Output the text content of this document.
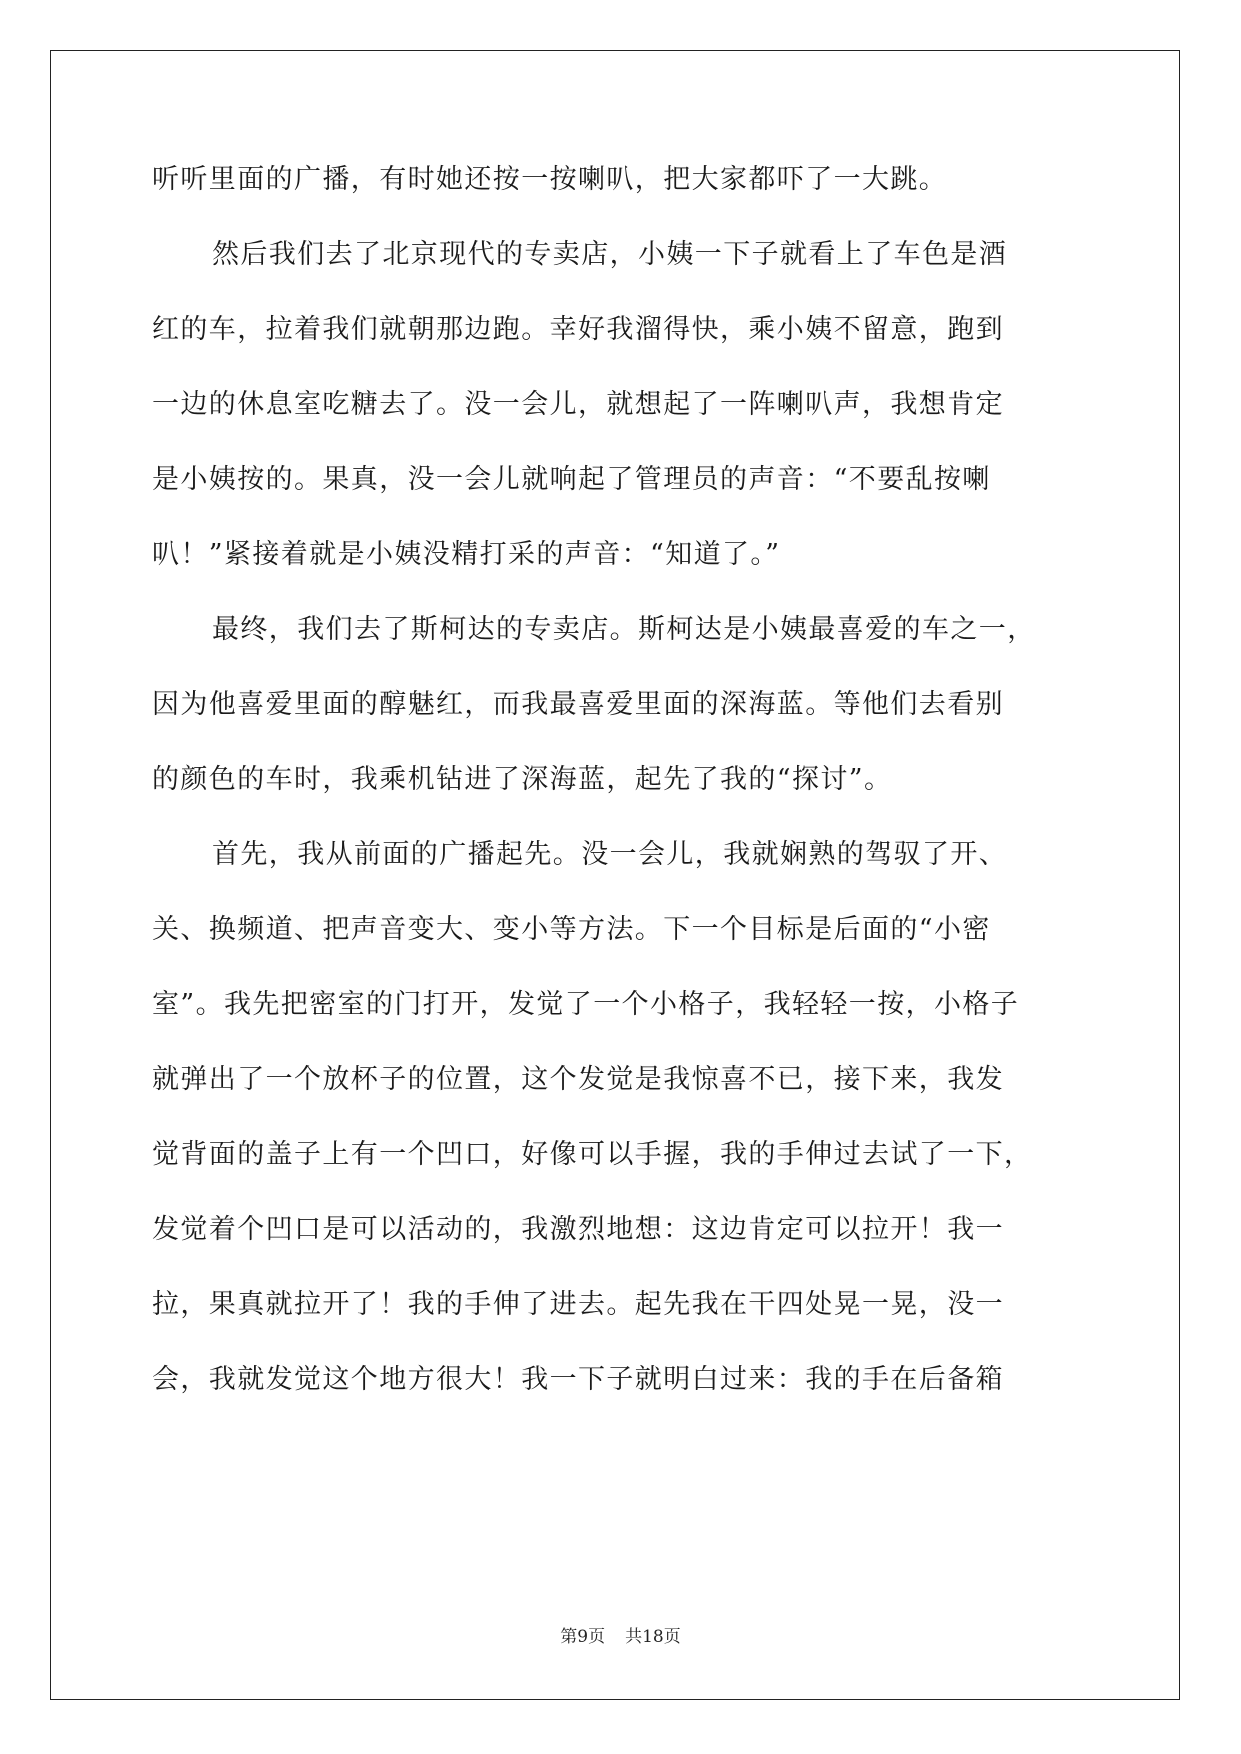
听听里面的广播，有时她还按一按喇叭，把大家都吓了一大跳。
然后我们去了北京现代的专卖店，小姨一下子就看上了车色是酒
红的车，拉着我们就朝那边跑。幸好我溜得快，乘小姨不留意，跑到
一边的休息室吃糖去了。没一会儿，就想起了一阵喇叭声，我想肯定
是小姨按的。果真，没一会儿就响起了管理员的声音：“不要乱按喇
叭！”紧接着就是小姨没精打采的声音：“知道了。”
最终，我们去了斯柯达的专卖店。斯柯达是小姨最喜爱的车之一，
因为他喜爱里面的醇魅红，而我最喜爱里面的深海蓝。等他们去看别
的颜色的车时，我乘机钻进了深海蓝，起先了我的“探讨”。
首先，我从前面的广播起先。没一会儿，我就娴熟的驾驭了开、
关、换频道、把声音变大、变小等方法。下一个目标是后面的“小密
室”。我先把密室的门打开，发觉了一个小格子，我轻轻一按，小格子
就弹出了一个放杯子的位置，这个发觉是我惊喜不已，接下来，我发
觉背面的盖子上有一个凹口，好像可以手握，我的手伸过去试了一下，
发觉着个凹口是可以活动的，我激烈地想：这边肯定可以拉开！我一
拉，果真就拉开了！我的手伸了进去。起先我在干四处晃一晃，没一
会，我就发觉这个地方很大！我一下子就明白过来：我的手在后备箱
第9页 共18页
